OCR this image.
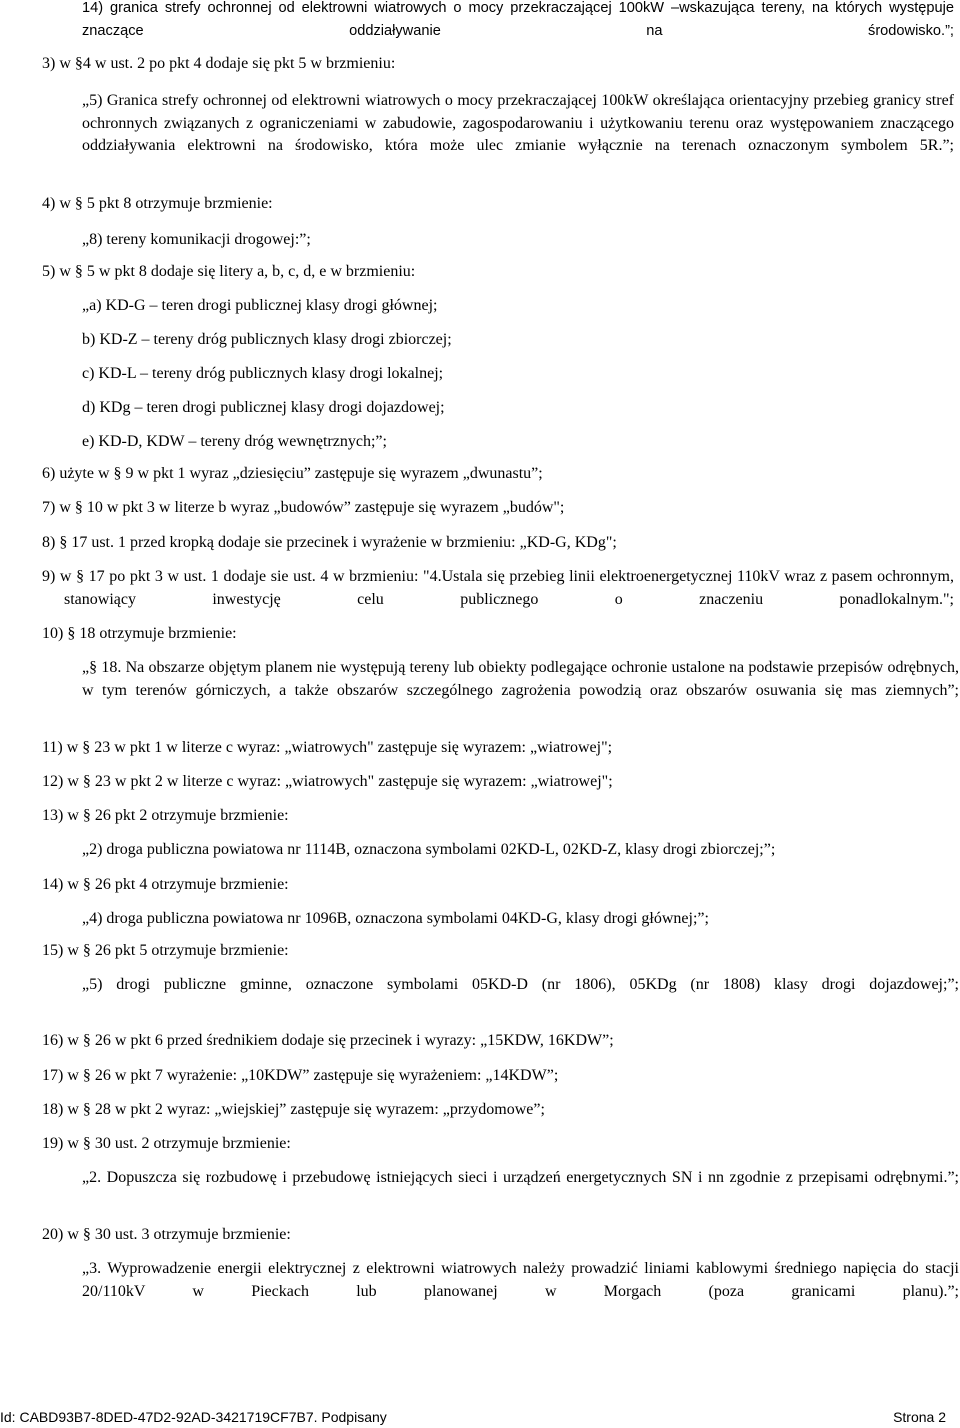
14) granica strefy ochronnej od elektrowni wiatrowych o mocy przekraczającej 100kW –wskazująca tereny, na których występuje znaczące oddziaływanie na środowisko.”;
3) w §4 w ust. 2 po pkt 4 dodaje się pkt 5 w brzmieniu:
„5) Granica strefy ochronnej od elektrowni wiatrowych o mocy przekraczającej 100kW określająca orientacyjny przebieg granicy stref ochronnych związanych z ograniczeniami w zabudowie, zagospodarowaniu i użytkowaniu terenu oraz występowaniem znaczącego oddziaływania elektrowni na środowisko, która może ulec zmianie wyłącznie na terenach oznaczonym symbolem 5R.”;
4) w § 5 pkt 8 otrzymuje brzmienie:
„8) tereny komunikacji drogowej:”;
5) w § 5 w pkt 8 dodaje się litery a, b, c, d, e w brzmieniu:
„a) KD-G – teren drogi publicznej klasy drogi głównej;
b) KD-Z – tereny dróg publicznych klasy drogi zbiorczej;
c) KD-L – tereny dróg publicznych klasy drogi lokalnej;
d) KDg – teren drogi publicznej klasy drogi dojazdowej;
e) KD-D, KDW – tereny dróg wewnętrznych;”;
6) użyte w § 9 w pkt 1 wyraz „dziesięciu” zastępuje się wyrazem „dwunastu”;
7) w § 10 w pkt 3 w literze b wyraz „budowów” zastępuje się wyrazem „budów";
8) § 17 ust. 1 przed kropką dodaje sie przecinek i wyrażenie w brzmieniu: „KD-G, KDg";
9) w § 17 po pkt 3 w ust. 1 dodaje sie ust. 4 w brzmieniu: "4.Ustala się przebieg linii elektroenergetycznej 110kV wraz z pasem ochronnym, stanowiący inwestycję celu publicznego o znaczeniu ponadlokalnym.";
10) § 18 otrzymuje brzmienie:
„§ 18. Na obszarze objętym planem nie występują tereny lub obiekty podlegające ochronie ustalone na podstawie przepisów odrębnych, w tym terenów górniczych, a także obszarów szczególnego zagrożenia powodzią oraz obszarów osuwania się mas ziemnych”;
11) w § 23 w pkt 1 w literze c wyraz: „wiatrowych" zastępuje się wyrazem: „wiatrowej";
12) w § 23 w pkt 2 w literze c wyraz: „wiatrowych" zastępuje się wyrazem: „wiatrowej";
13) w § 26 pkt 2 otrzymuje brzmienie:
„2) droga publiczna powiatowa nr 1114B, oznaczona symbolami 02KD-L, 02KD-Z, klasy drogi zbiorczej;”;
14) w § 26 pkt 4 otrzymuje brzmienie:
„4) droga publiczna powiatowa nr 1096B, oznaczona symbolami 04KD-G, klasy drogi głównej;”;
15) w § 26 pkt 5 otrzymuje brzmienie:
„5) drogi publiczne gminne, oznaczone symbolami 05KD-D (nr 1806), 05KDg (nr 1808) klasy drogi dojazdowej;”;
16) w § 26 w pkt 6 przed średnikiem dodaje się przecinek i wyrazy: „15KDW, 16KDW”;
17) w § 26 w pkt 7 wyrażenie: „10KDW” zastępuje się wyrażeniem: „14KDW”;
18) w § 28 w pkt 2 wyraz: „wiejskiej” zastępuje się wyrazem: „przydomowe”;
19) w § 30 ust. 2 otrzymuje brzmienie:
„2. Dopuszcza się rozbudowę i przebudowę istniejących sieci i urządzeń energetycznych SN i nn zgodnie z przepisami odrębnymi.”;
20) w § 30 ust. 3 otrzymuje brzmienie:
„3. Wyprowadzenie energii elektrycznej z elektrowni wiatrowych należy prowadzić liniami kablowymi średniego napięcia do stacji 20/110kV w Pieckach lub planowanej w Morgach (poza granicami planu).”;
Id: CABD93B7-8DED-47D2-92AD-3421719CF7B7. Podpisany	Strona 2
